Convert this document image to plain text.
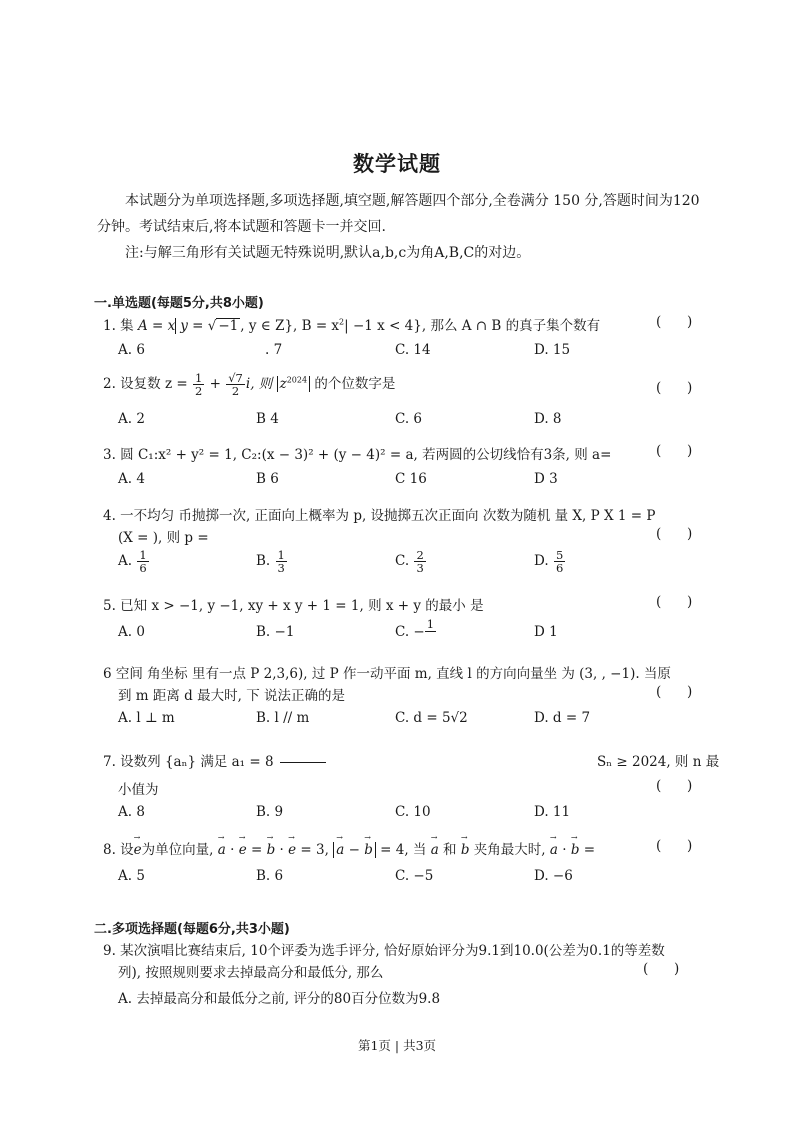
数学试题
本试题分为单项选择题,多项选择题,填空题,解答题四个部分,全卷满分 150 分,答题时间为120分钟。考试结束后,将本试题和答题卡一并交回.
注:与解三角形有关试题无特殊说明,默认a,b,c为角A,B,C的对边。
一.单选题(每题5分,共8小题)
1. 集 A = x y = √ −1 , y ∈ Z}, $B = x^2| -1$ x < 4}, 那么 A ∩ B 的真子集个数有	(      )
A. 6	. 7	C. 14	D. 15
2. 设复数 $z = \frac{1}{2} + \frac{√7}{2} i$, 则 $z^{2024}$ 的个位数字是	(      )
A. 2	B 4	C. 6	D. 8
3. 圆 C₁:x² + y² = 1, C₂:(x − 3)² + (y − 4)² = a, 若两圆的公切线恰有3条, 则 a=	(      )
A. 4	B 6	C 16	D 3
4. 一不均匀 币抛掷一次, 正面向上概率为 p, 设抛掷五次正面向 次数为随机 量 X, P X 1 = P
(X = ), 则 p =	(      )
A. $\frac{1}{6}$	B. $\frac{1}{3}$	C. $\frac{2}{3}$	D. $\frac{5}{6}$
5. 已知 x > −1, y −1, xy + x y + 1 = 1, 则 x + y 的最小 是	(      )
A. 0	B. −1	C. − 1	D 1
6 空间 角坐标 里有一点 P 2,3,6), 过 P 作一动平面 m, 直线 l 的方向向量坐 为 (3, , −1). 当原
到 m 距离 d 最大时, 下 说法正确的是	(      )
A. l ⊥ m	B. l // m	C. d = 5√2	D. d = 7
7. 设数列 {aₙ} 满足 a₁ = 8	Sₙ ≥ 2024, 则 n 最
小值为	(      )
A. 8	B. 9	C. 10	D. 11
8. 设→ e为单位向量, → a · → e = → b · → e = 3, → a − → b = 4, 当 → a 和 → b 夹角最大时, → a · → b =	(      )
A. 5	B. 6	C. −5	D. −6
二.多项选择题(每题6分,共3小题)
9. 某次演唱比赛结束后, 10个评委为选手评分, 恰好原始评分为9.1到10.0(公差为0.1的等差数
列), 按照规则要求去掉最高分和最低分, 那么	(      )
A. 去掉最高分和最低分之前, 评分的80百分位数为9.8
第1页 | 共3页
